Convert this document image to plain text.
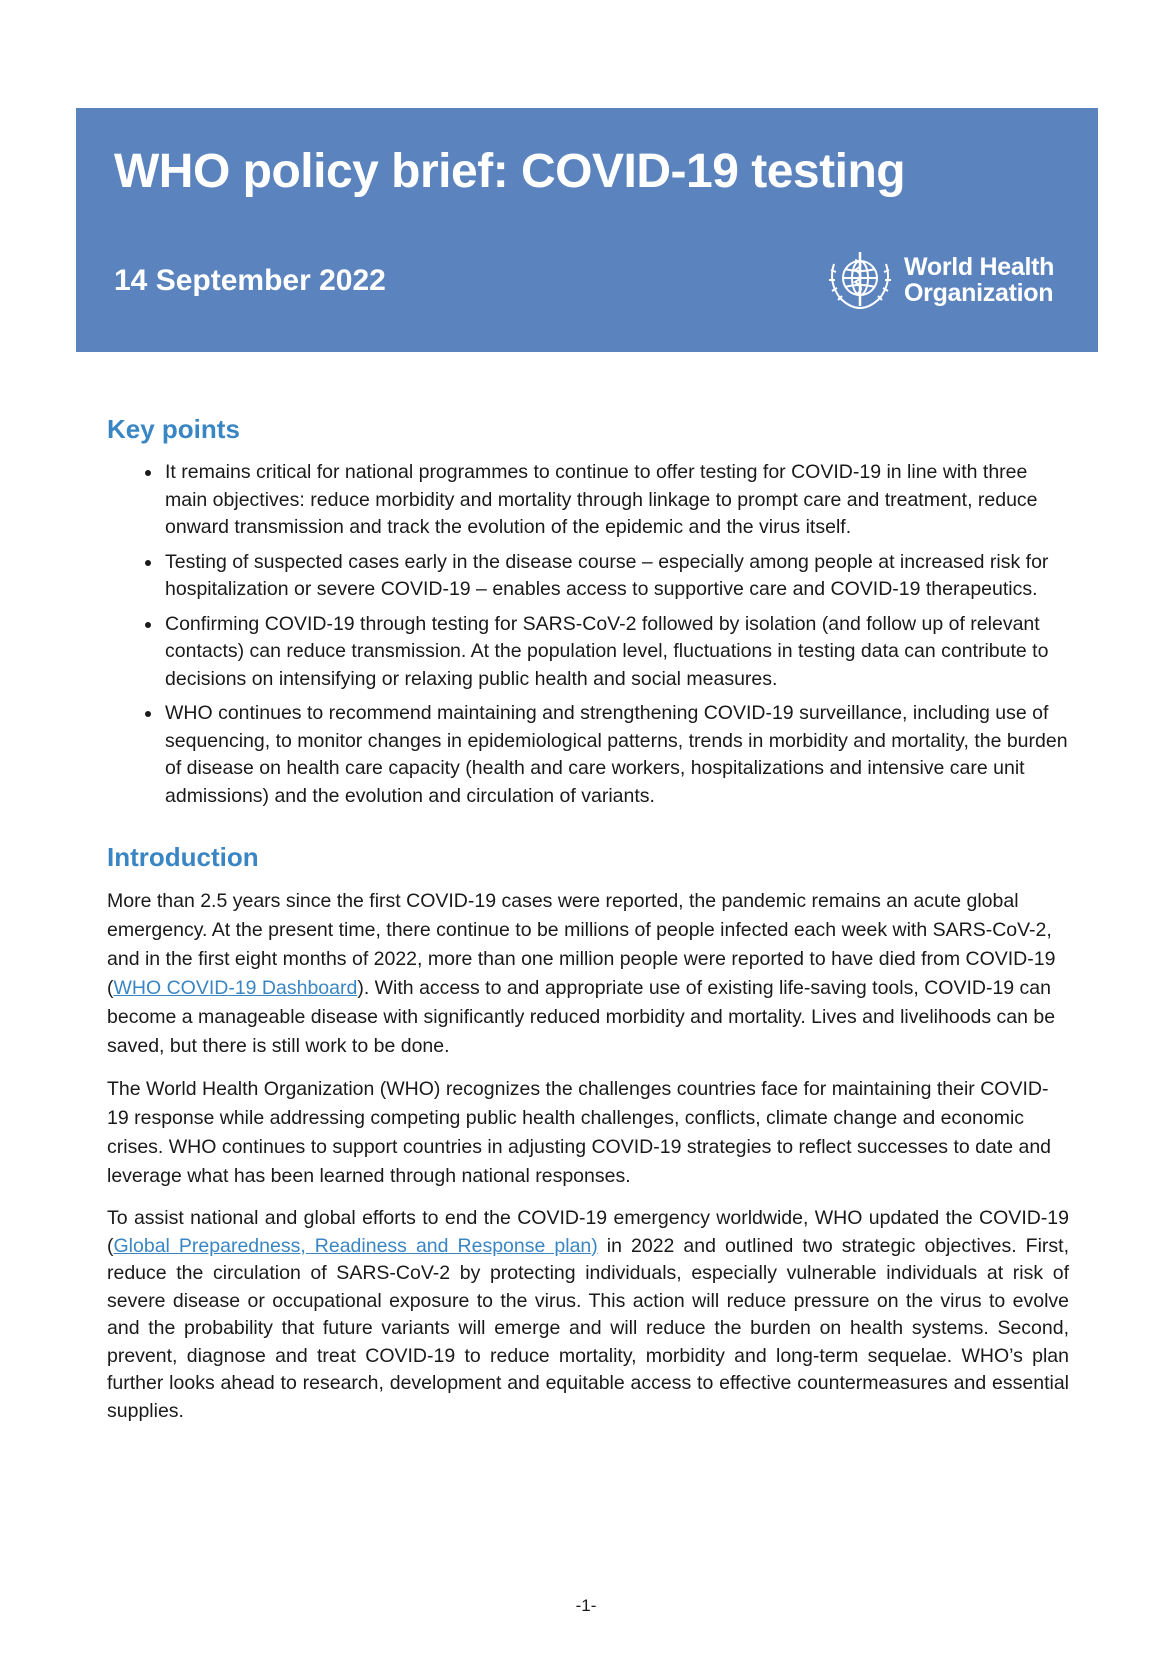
WHO policy brief: COVID-19 testing
14 September 2022	World Health
Organization
Key points
• It remains critical for national programmes to continue to offer testing for COVID-19 in line with three main objectives: reduce morbidity and mortality through linkage to prompt care and treatment, reduce onward transmission and track the evolution of the epidemic and the virus itself.
• Testing of suspected cases early in the disease course – especially among people at increased risk for hospitalization or severe COVID-19 – enables access to supportive care and COVID-19 therapeutics.
• Confirming COVID-19 through testing for SARS-CoV-2 followed by isolation (and follow up of relevant contacts) can reduce transmission. At the population level, fluctuations in testing data can contribute to decisions on intensifying or relaxing public health and social measures.
• WHO continues to recommend maintaining and strengthening COVID-19 surveillance, including use of sequencing, to monitor changes in epidemiological patterns, trends in morbidity and mortality, the burden of disease on health care capacity (health and care workers, hospitalizations and intensive care unit admissions) and the evolution and circulation of variants.
Introduction

More than 2.5 years since the first COVID-19 cases were reported, the pandemic remains an acute global emergency. At the present time, there continue to be millions of people infected each week with SARS-CoV-2, and in the first eight months of 2022, more than one million people were reported to have died from COVID-19 (WHO COVID-19 Dashboard). With access to and appropriate use of existing life-saving tools, COVID-19 can become a manageable disease with significantly reduced morbidity and mortality. Lives and livelihoods can be saved, but there is still work to be done.

The World Health Organization (WHO) recognizes the challenges countries face for maintaining their COVID-19 response while addressing competing public health challenges, conflicts, climate change and economic crises. WHO continues to support countries in adjusting COVID-19 strategies to reflect successes to date and leverage what has been learned through national responses.

To assist national and global efforts to end the COVID-19 emergency worldwide, WHO updated the COVID-19 (Global Preparedness, Readiness and Response plan) in 2022 and outlined two strategic objectives. First, reduce the circulation of SARS-CoV-2 by protecting individuals, especially vulnerable individuals at risk of severe disease or occupational exposure to the virus. This action will reduce pressure on the virus to evolve and the probability that future variants will emerge and will reduce the burden on health systems. Second, prevent, diagnose and treat COVID-19 to reduce mortality, morbidity and long-term sequelae. WHO’s plan further looks ahead to research, development and equitable access to effective countermeasures and essential supplies.

-1-
